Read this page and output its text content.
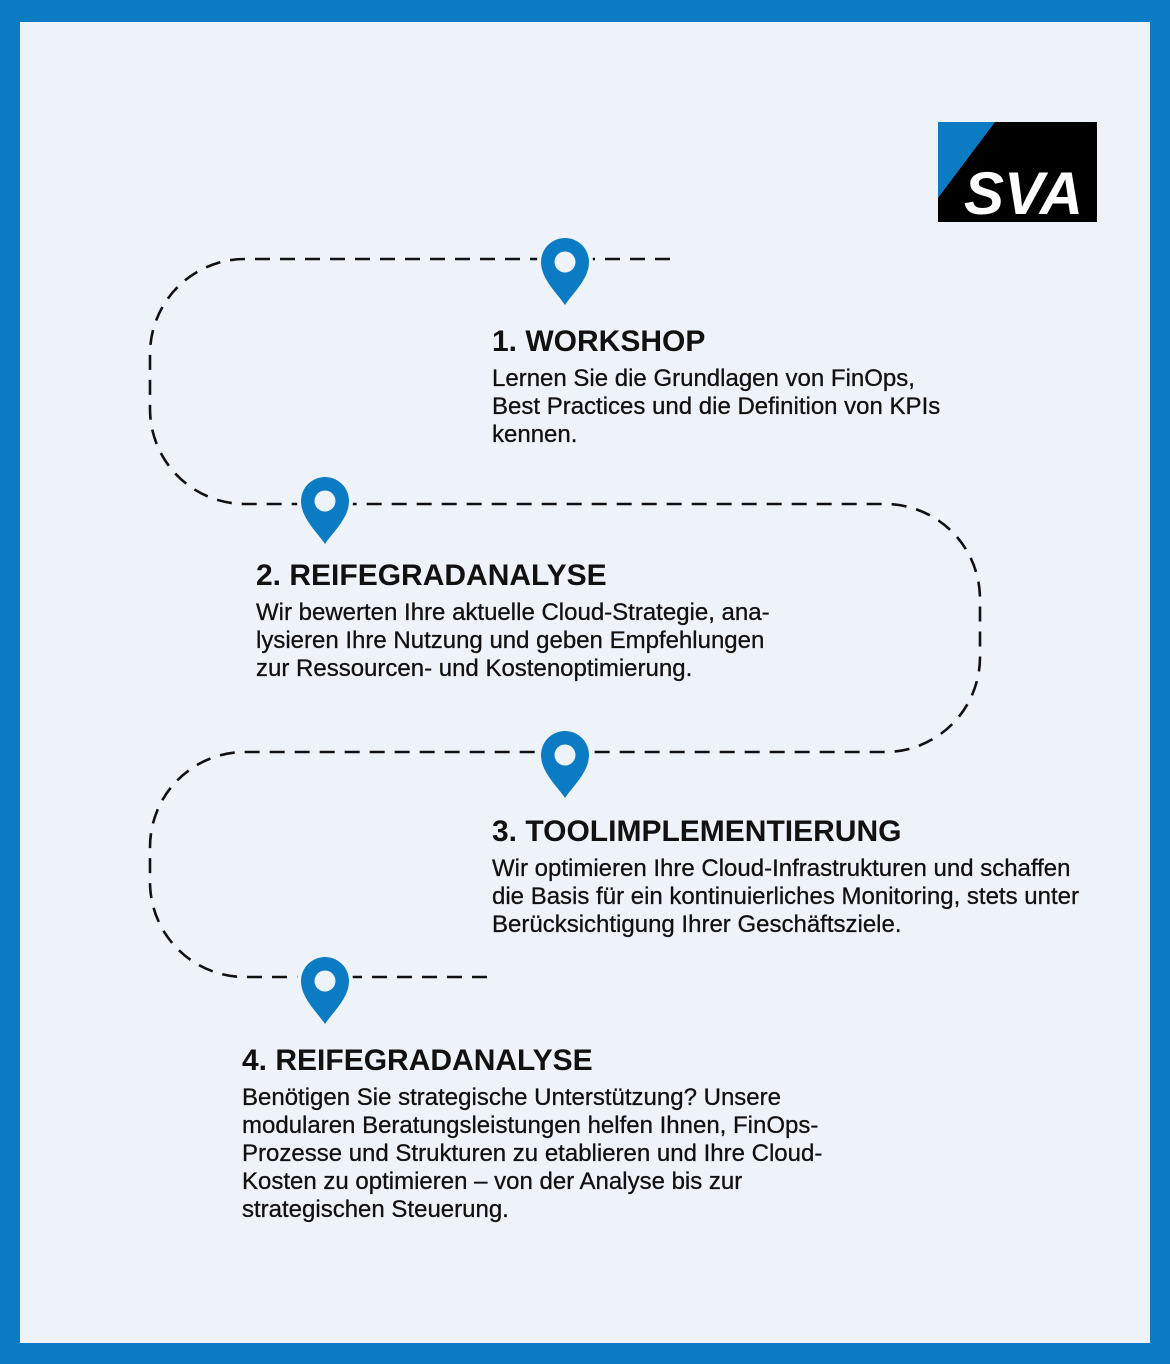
SVA
1. WORKSHOP
Lernen Sie die Grundlagen von FinOps,
Best Practices und die Definition von KPIs
kennen.
2. REIFEGRADANALYSE
Wir bewerten Ihre aktuelle Cloud-Strategie, ana-
lysieren Ihre Nutzung und geben Empfehlungen
zur Ressourcen- und Kostenoptimierung.
3. TOOLIMPLEMENTIERUNG
Wir optimieren Ihre Cloud-Infrastrukturen und schaffen
die Basis für ein kontinuierliches Monitoring, stets unter
Berücksichtigung Ihrer Geschäftsziele.
4. REIFEGRADANALYSE
Benötigen Sie strategische Unterstützung? Unsere
modularen Beratungsleistungen helfen Ihnen, FinOps-
Prozesse und Strukturen zu etablieren und Ihre Cloud-
Kosten zu optimieren – von der Analyse bis zur
strategischen Steuerung.
